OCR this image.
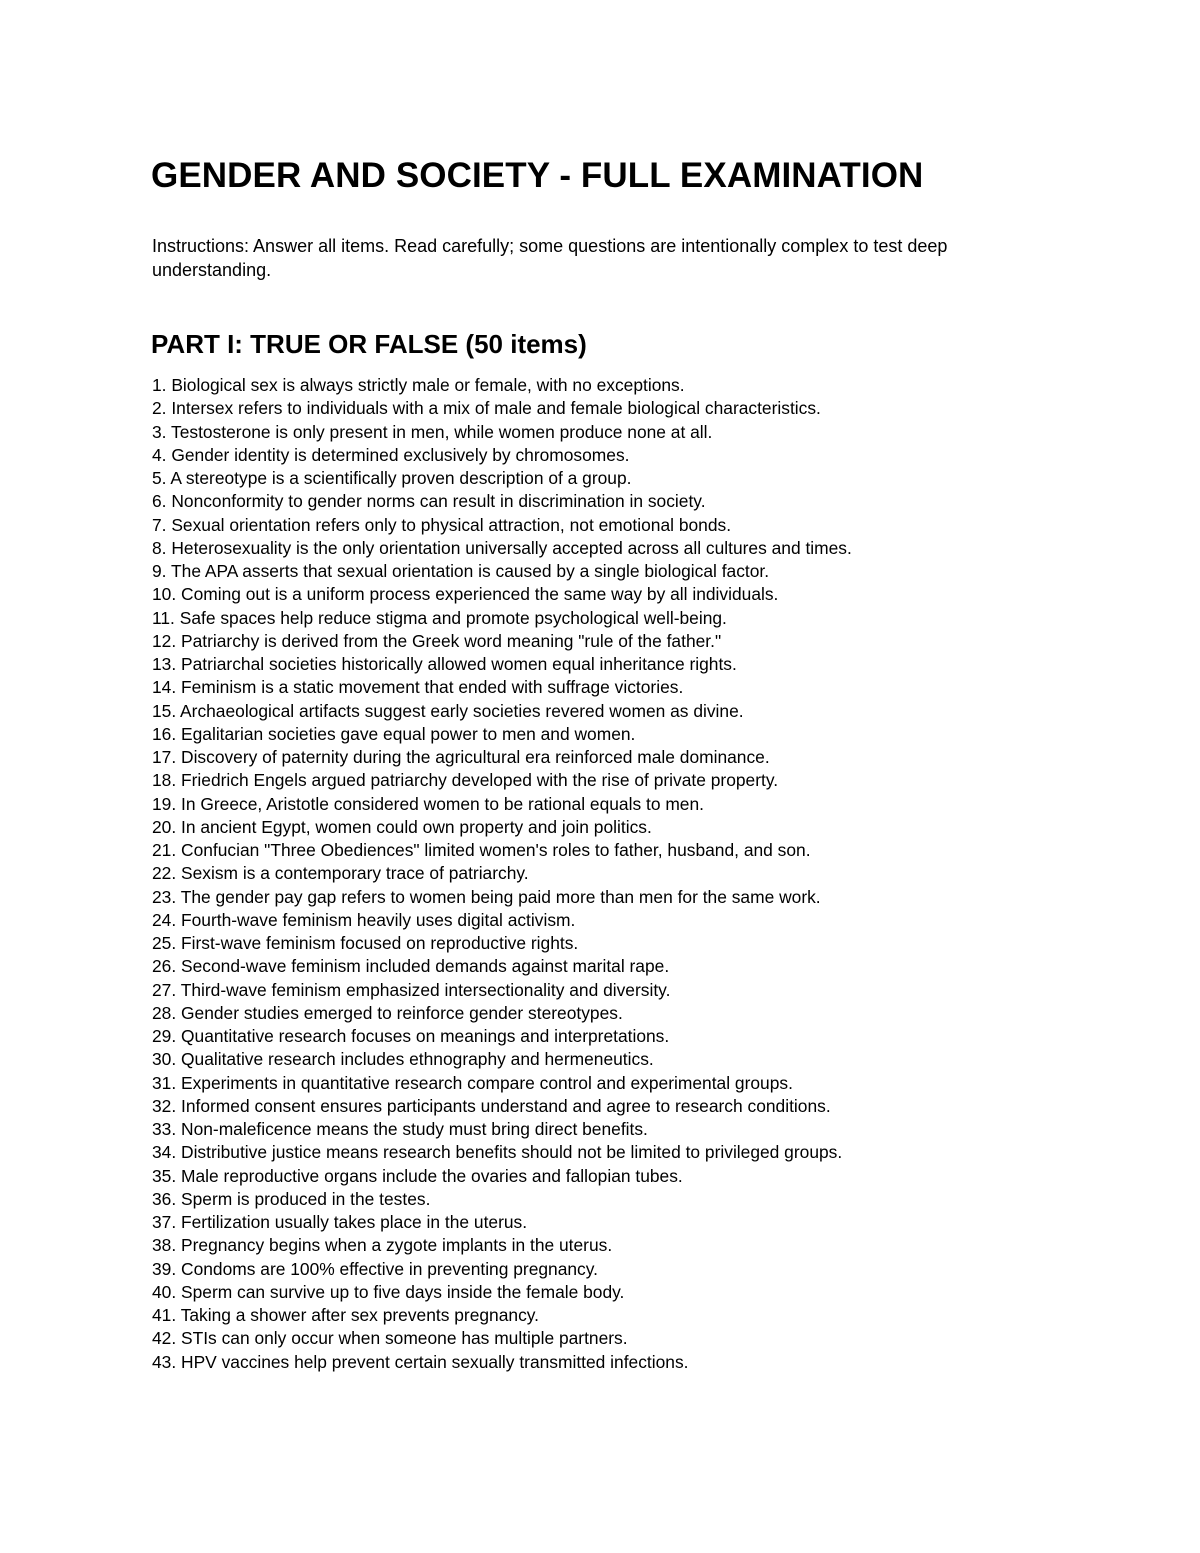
GENDER AND SOCIETY - FULL EXAMINATION

Instructions: Answer all items. Read carefully; some questions are intentionally complex to test deep understanding.

PART I: TRUE OR FALSE (50 items)
1. Biological sex is always strictly male or female, with no exceptions.
2. Intersex refers to individuals with a mix of male and female biological characteristics.
3. Testosterone is only present in men, while women produce none at all.
4. Gender identity is determined exclusively by chromosomes.
5. A stereotype is a scientifically proven description of a group.
6. Nonconformity to gender norms can result in discrimination in society.
7. Sexual orientation refers only to physical attraction, not emotional bonds.
8. Heterosexuality is the only orientation universally accepted across all cultures and times.
9. The APA asserts that sexual orientation is caused by a single biological factor.
10. Coming out is a uniform process experienced the same way by all individuals.
11. Safe spaces help reduce stigma and promote psychological well-being.
12. Patriarchy is derived from the Greek word meaning "rule of the father."
13. Patriarchal societies historically allowed women equal inheritance rights.
14. Feminism is a static movement that ended with suffrage victories.
15. Archaeological artifacts suggest early societies revered women as divine.
16. Egalitarian societies gave equal power to men and women.
17. Discovery of paternity during the agricultural era reinforced male dominance.
18. Friedrich Engels argued patriarchy developed with the rise of private property.
19. In Greece, Aristotle considered women to be rational equals to men.
20. In ancient Egypt, women could own property and join politics.
21. Confucian "Three Obediences" limited women's roles to father, husband, and son.
22. Sexism is a contemporary trace of patriarchy.
23. The gender pay gap refers to women being paid more than men for the same work.
24. Fourth-wave feminism heavily uses digital activism.
25. First-wave feminism focused on reproductive rights.
26. Second-wave feminism included demands against marital rape.
27. Third-wave feminism emphasized intersectionality and diversity.
28. Gender studies emerged to reinforce gender stereotypes.
29. Quantitative research focuses on meanings and interpretations.
30. Qualitative research includes ethnography and hermeneutics.
31. Experiments in quantitative research compare control and experimental groups.
32. Informed consent ensures participants understand and agree to research conditions.
33. Non-maleficence means the study must bring direct benefits.
34. Distributive justice means research benefits should not be limited to privileged groups.
35. Male reproductive organs include the ovaries and fallopian tubes.
36. Sperm is produced in the testes.
37. Fertilization usually takes place in the uterus.
38. Pregnancy begins when a zygote implants in the uterus.
39. Condoms are 100% effective in preventing pregnancy.
40. Sperm can survive up to five days inside the female body.
41. Taking a shower after sex prevents pregnancy.
42. STIs can only occur when someone has multiple partners.
43. HPV vaccines help prevent certain sexually transmitted infections.
